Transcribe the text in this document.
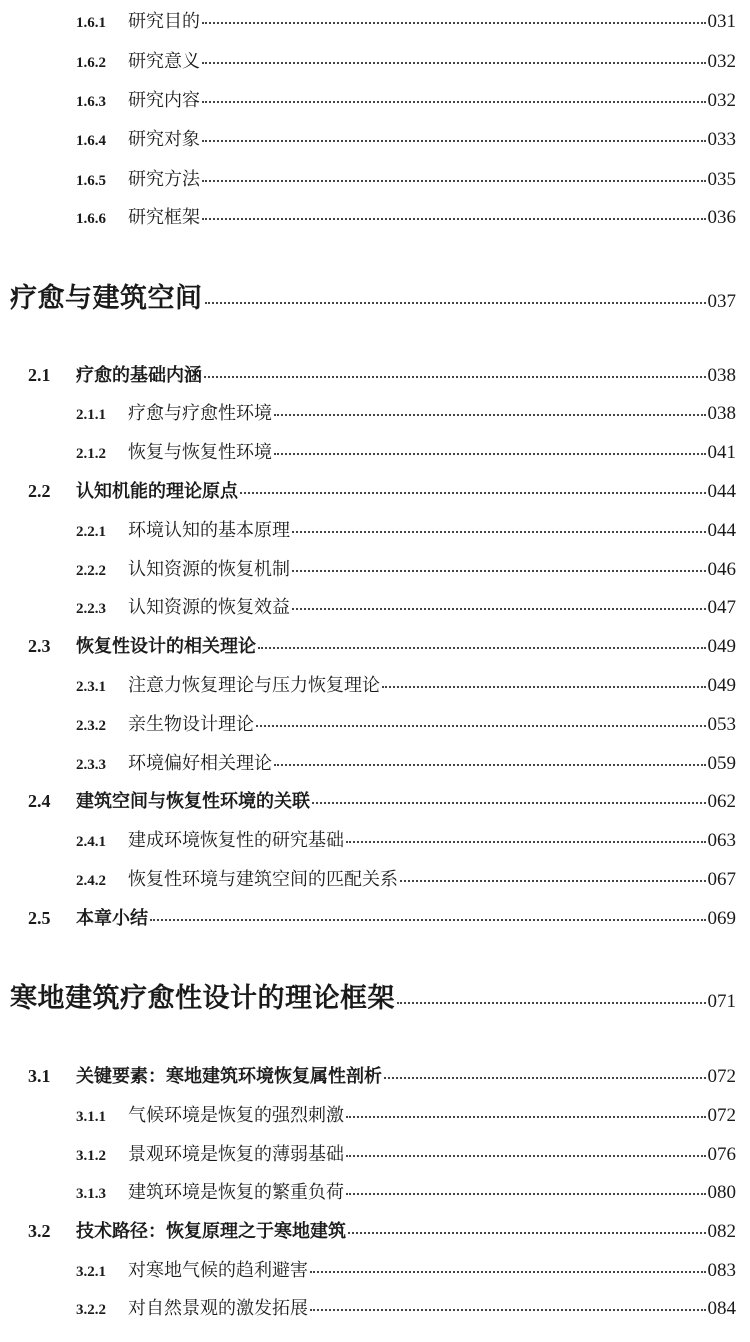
1.6.1	研究目的	031
1.6.2	研究意义	032
1.6.3	研究内容	032
1.6.4	研究对象	033
1.6.5	研究方法	035
1.6.6	研究框架	036
疗愈与建筑空间	037
2.1	疗愈的基础内涵	038
2.1.1	疗愈与疗愈性环境	038
2.1.2	恢复与恢复性环境	041
2.2	认知机能的理论原点	044
2.2.1	环境认知的基本原理	044
2.2.2	认知资源的恢复机制	046
2.2.3	认知资源的恢复效益	047
2.3	恢复性设计的相关理论	049
2.3.1	注意力恢复理论与压力恢复理论	049
2.3.2	亲生物设计理论	053
2.3.3	环境偏好相关理论	059
2.4	建筑空间与恢复性环境的关联	062
2.4.1	建成环境恢复性的研究基础	063
2.4.2	恢复性环境与建筑空间的匹配关系	067
2.5	本章小结	069
寒地建筑疗愈性设计的理论框架	071
3.1	关键要素：寒地建筑环境恢复属性剖析	072
3.1.1	气候环境是恢复的强烈刺激	072
3.1.2	景观环境是恢复的薄弱基础	076
3.1.3	建筑环境是恢复的繁重负荷	080
3.2	技术路径：恢复原理之于寒地建筑	082
3.2.1	对寒地气候的趋利避害	083
3.2.2	对自然景观的激发拓展	084
